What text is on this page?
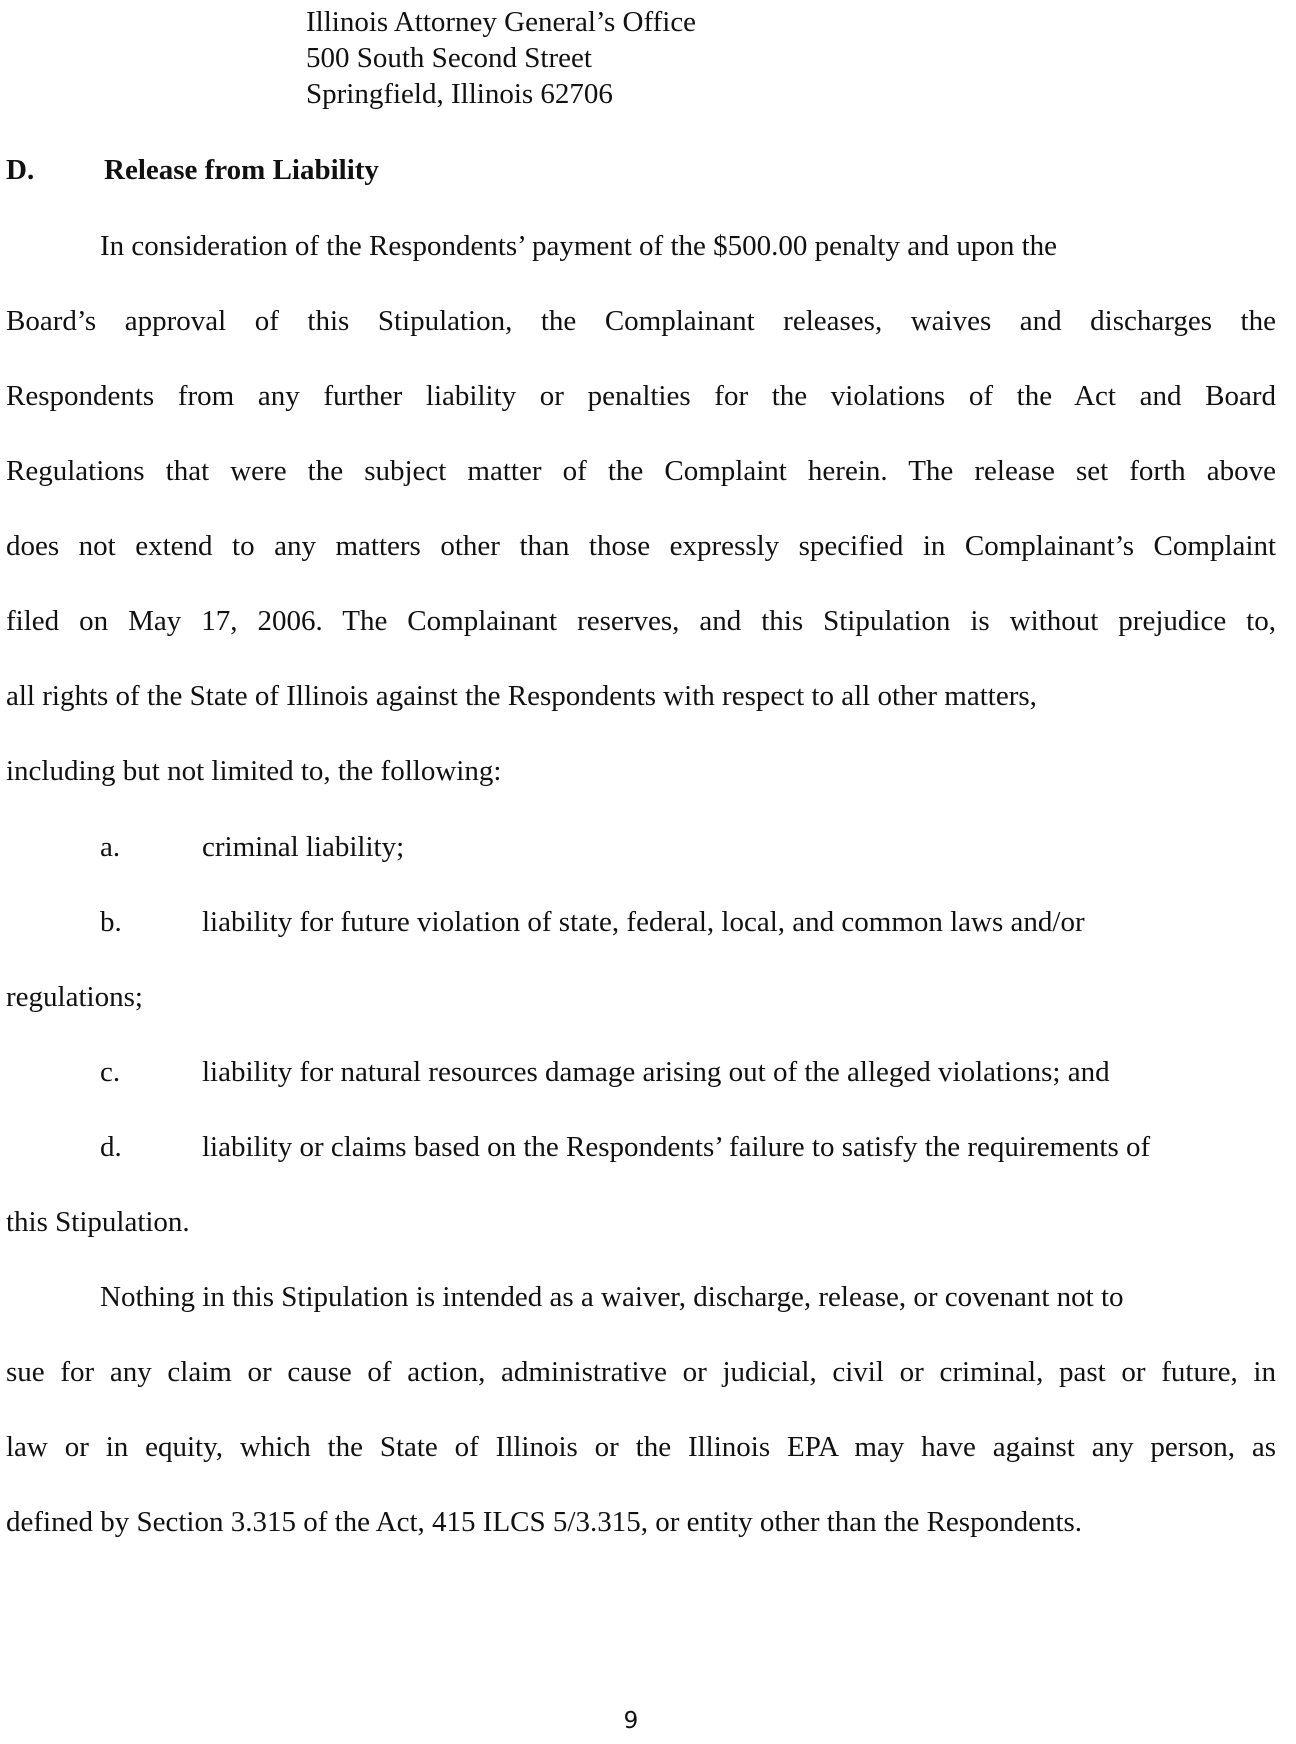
Illinois Attorney General’s Office
500 South Second Street
Springfield, Illinois 62706
D. Release from Liability
In consideration of the Respondents’ payment of the $500.00 penalty and upon the
Board’s approval of this Stipulation, the Complainant releases, waives and discharges the
Respondents from any further liability or penalties for the violations of the Act and Board
Regulations that were the subject matter of the Complaint herein. The release set forth above
does not extend to any matters other than those expressly specified in Complainant’s Complaint
filed on May 17, 2006. The Complainant reserves, and this Stipulation is without prejudice to,
all rights of the State of Illinois against the Respondents with respect to all other matters,
including but not limited to, the following:
a.	criminal liability;
b.	liability for future violation of state, federal, local, and common laws and/or
regulations;
c.	liability for natural resources damage arising out of the alleged violations; and
d.	liability or claims based on the Respondents’ failure to satisfy the requirements of
this Stipulation.
Nothing in this Stipulation is intended as a waiver, discharge, release, or covenant not to
sue for any claim or cause of action, administrative or judicial, civil or criminal, past or future, in
law or in equity, which the State of Illinois or the Illinois EPA may have against any person, as
defined by Section 3.315 of the Act, 415 ILCS 5/3.315, or entity other than the Respondents.
9
